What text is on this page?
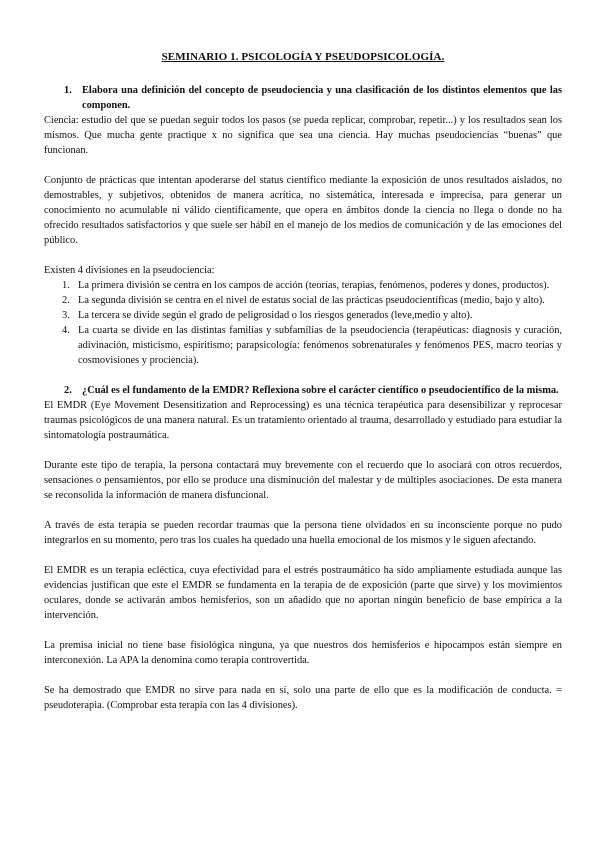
SEMINARIO 1. PSICOLOGÍA Y PSEUDOPSICOLOGÍA.
1. Elabora una definición del concepto de pseudociencia y una clasificación de los distintos elementos que las componen.

Ciencia: estudio del que se puedan seguir todos los pasos (se pueda replicar, comprobar, repetir...) y los resultados sean los mismos. Que mucha gente practique x no significa que sea una ciencia. Hay muchas pseudociencias “buenas” que funcionan.

Conjunto de prácticas que intentan apoderarse del status científico mediante la exposición de unos resultados aislados, no demostrables, y subjetivos, obtenidos de manera acrítica, no sistemática, interesada e imprecisa, para generar un conocimiento no acumulable ni válido científicamente, que opera en ámbitos donde la ciencia no llega o donde no ha ofrecido resultados satisfactorios y que suele ser hábil en el manejo de los medios de comunicación y de las emociones del público.

Existen 4 divisiones en la pseudociencia:

1. La primera división se centra en los campos de acción (teorías, terapias, fenómenos, poderes y dones, productos).
2. La segunda división se centra en el nivel de estatus social de las prácticas pseudocientíficas (medio, bajo y alto).
3. La tercera se divide según el grado de peligrosidad o los riesgos generados (leve,medio y alto).
4. La cuarta se divide en las distintas familias y subfamilias de la pseudociencia (terapéuticas: diagnosis y curación, adivinación, misticismo, espiritismo; parapsicología: fenómenos sobrenaturales y fenómenos PES, macro teorías y cosmovisiones y prociencia).
2. ¿Cuál es el fundamento de la EMDR? Reflexiona sobre el carácter científico o pseudocientífico de la misma.

El EMDR (Eye Movement Desensitization and Reprocessing) es una técnica terapéutica para desensibilizar y reprocesar traumas psicológicos de una manera natural. Es un tratamiento orientado al trauma, desarrollado y estudiado para estudiar la sintomatología postraumática.

Durante este tipo de terapia, la persona contactará muy brevemente con el recuerdo que lo asociará con otros recuerdos, sensaciones o pensamientos, por ello se produce una disminución del malestar y de múltiples asociaciones. De esta manera se reconsolida la información de manera disfuncional.

A través de esta terapia se pueden recordar traumas que la persona tiene olvidados en su inconsciente porque no pudo integrarlos en su momento, pero tras los cuales ha quedado una huella emocional de los mismos y le siguen afectando.

El EMDR es un terapia ecléctica, cuya efectividad para el estrés postraumático ha sido ampliamente estudiada aunque las evidencias justifican que este el EMDR se fundamenta en la terapia de de exposición (parte que sirve) y los movimientos oculares, donde se activarán ambos hemisferios, son un añadido que no aportan ningún beneficio de base empírica a la intervención.

La premisa inicial no tiene base fisiológica ninguna, ya que nuestros dos hemisferios e hipocampos están siempre en interconexión. La APA la denomina como terapia controvertida.

Se ha demostrado que EMDR no sirve para nada en sí, solo una parte de ello que es la modificación de conducta. = pseudoterapia. (Comprobar esta terapia con las 4 divisiones).
